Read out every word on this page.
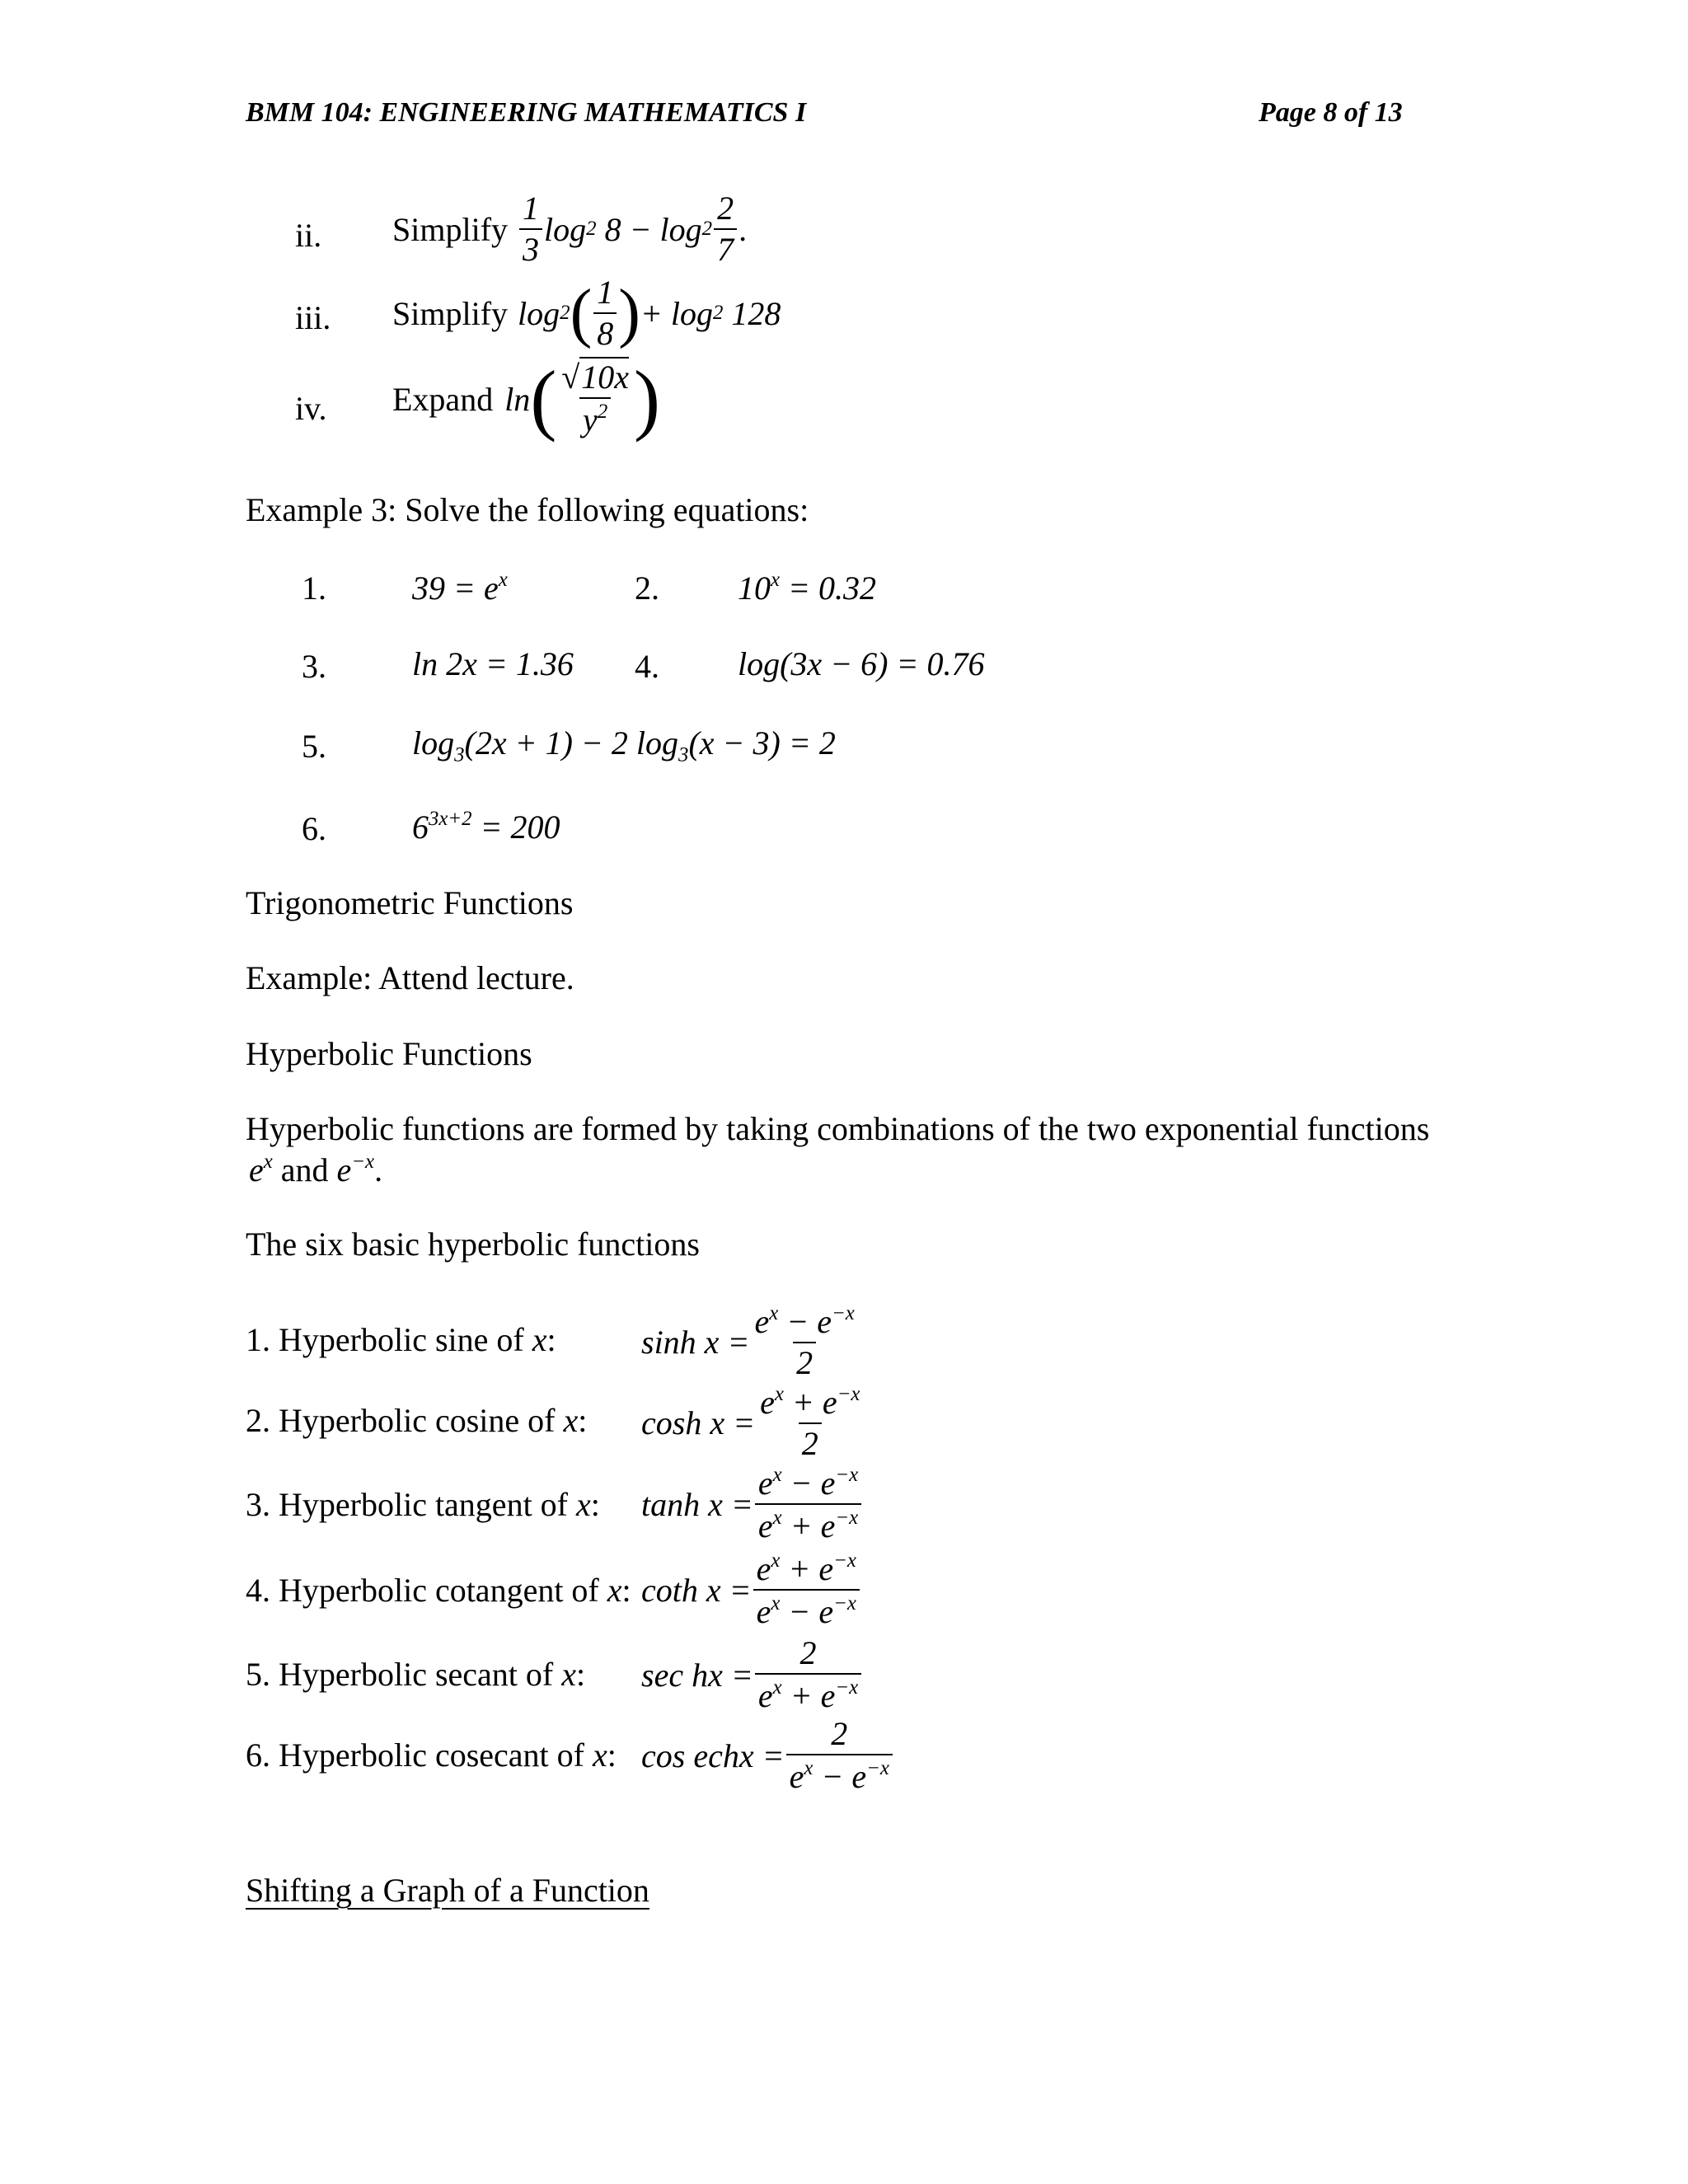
BMM 104: ENGINEERING MATHEMATICS I	Page 8 of 13
ii. Simplify $\frac{1}{3}$ log 2 $8 - \log 2 \frac{2}{7}$ .
iii. Simplify log 2 ( $\frac{1}{8}$ ) + log 2 128
iv. Expand ln ( $\frac{√10x}{y^2}$ )
Example 3: Solve the following equations:
1.	$39 = e^x$	2. $10^x = 0.32$
3.	ln 2x = 1.36 4. log(3x − 6) = 0.76
5.	$\log_3(2x + 1) - 2$ $\log_3(x - 3) = 2$
6.	$6^{3x+2} = 200$
Trigonometric Functions
Example: Attend lecture.
Hyperbolic Functions
Hyperbolic functions are formed by taking combinations of the two exponential functions
$e^x$ and $e^{-x}$.
The six basic hyperbolic functions
1. Hyperbolic sine of x:	$\sinh x = \frac{e^x - e^{-x}}{2}$
2. Hyperbolic cosine of x: $\cosh x = \frac{e^x + e^{-x}}{2}$
3. Hyperbolic tangent of x: $\tanh x = \frac{e^x - e^{-x}}{e^x + e^{-x}}$
4. Hyperbolic cotangent of x: coth $x = \frac{e^x + e^{-x}}{e^x - e^{-x}}$
5. Hyperbolic secant of x: sec hx = $\frac{2}{e^x + e^{-x}}$
6. Hyperbolic cosecant of x: cos echx = $\frac{2}{e^x - e^{-x}}$
Shifting a Graph of a Function
